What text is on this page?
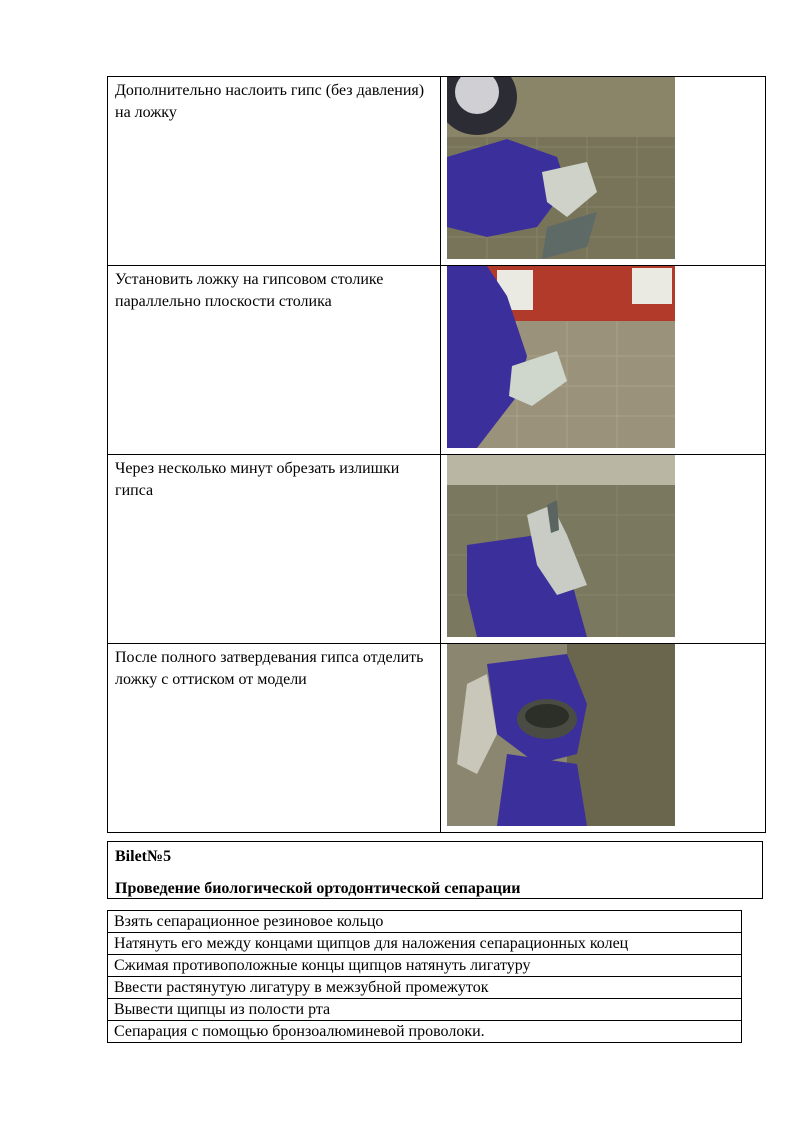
Дополнительно наслоить гипс (без давления) на ложку	

Установить ложку на гипсовом столике параллельно плоскости столика	

Через несколько минут обрезать излишки гипса	

После полного затвердевания гипса отделить ложку с оттиском от модели	
Bilet№5
Проведение биологической ортодонтической сепарации
Взять сепарационное резиновое кольцо
Натянуть его между концами щипцов для наложения сепарационных колец
Сжимая противоположные концы щипцов натянуть лигатуру
Ввести растянутую лигатуру в межзубной промежуток
Вывести щипцы из полости рта
Сепарация с помощью бронзоалюминевой проволоки.
